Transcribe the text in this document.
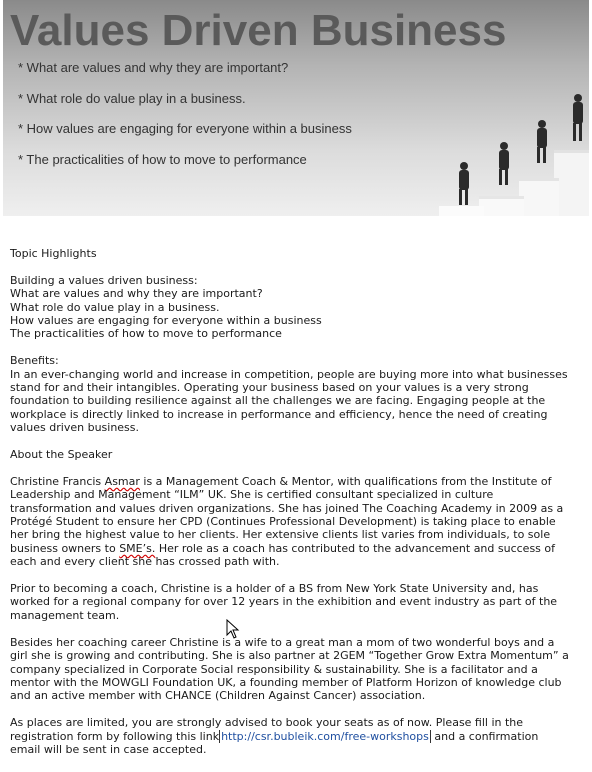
Values Driven Business
* What are values and why they are important?
* What role do value play in a business.
* How values are engaging for everyone within a business
* The practicalities of how to move to performance
Topic Highlights
Building a values driven business:
What are values and why they are important?
What role do value play in a business.
How values are engaging for everyone within a business
The practicalities of how to move to performance
Benefits:
In an ever-changing world and increase in competition, people are buying more into what businesses stand for and their intangibles. Operating your business based on your values is a very strong foundation to building resilience against all the challenges we are facing. Engaging people at the workplace is directly linked to increase in performance and efficiency, hence the need of creating values driven business.
About the Speaker
Christine Francis Asmar is a Management Coach & Mentor, with qualifications from the Institute of Leadership and Management “ILM” UK. She is certified consultant specialized in culture transformation and values driven organizations. She has joined The Coaching Academy in 2009 as a Protégé Student to ensure her CPD (Continues Professional Development) is taking place to enable her bring the highest value to her clients. Her extensive clients list varies from individuals, to sole business owners to SME’s. Her role as a coach has contributed to the advancement and success of each and every client she has crossed path with.
Prior to becoming a coach, Christine is a holder of a BS from New York State University and, has worked for a regional company for over 12 years in the exhibition and event industry as part of the management team.
Besides her coaching career Christine is a wife to a great man a mom of two wonderful boys and a girl she is growing and contributing. She is also partner at 2GEM “Together Grow Extra Momentum” a company specialized in Corporate Social responsibility & sustainability. She is a facilitator and a mentor with the MOWGLI Foundation UK, a founding member of Platform Horizon of knowledge club and an active member with CHANCE (Children Against Cancer) association.
As places are limited, you are strongly advised to book your seats as of now. Please fill in the registration form by following this link http://csr.bubleik.com/free-workshops and a confirmation email will be sent in case accepted.
